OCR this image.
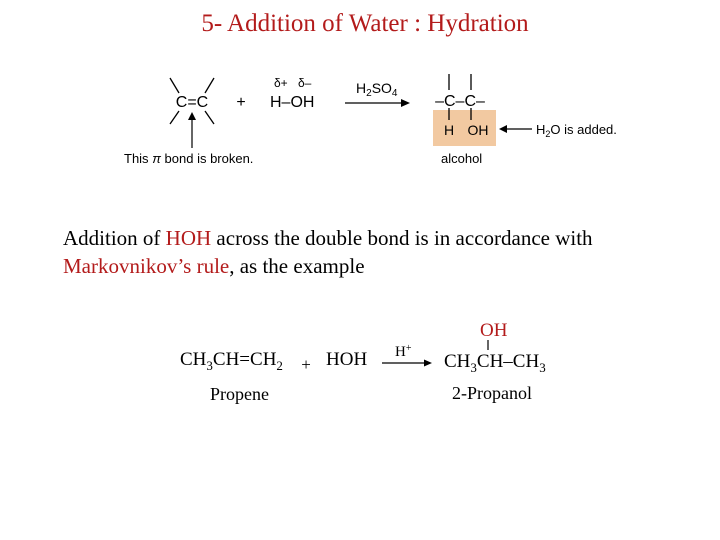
5- Addition of Water : Hydration
C=C
This π bond is broken.
+
δ+ δ–
H–OH
$H_2SO_4$ –C–C–
H OH
alcohol
$H_2O$ is added.
Addition of HOH across the double bond is in accordance with Markovnikov’s rule, as the example
$CH_3CH=CH_2$ + HOH H+
OH
$CH_3CH-CH_3$
Propene	2-Propanol
